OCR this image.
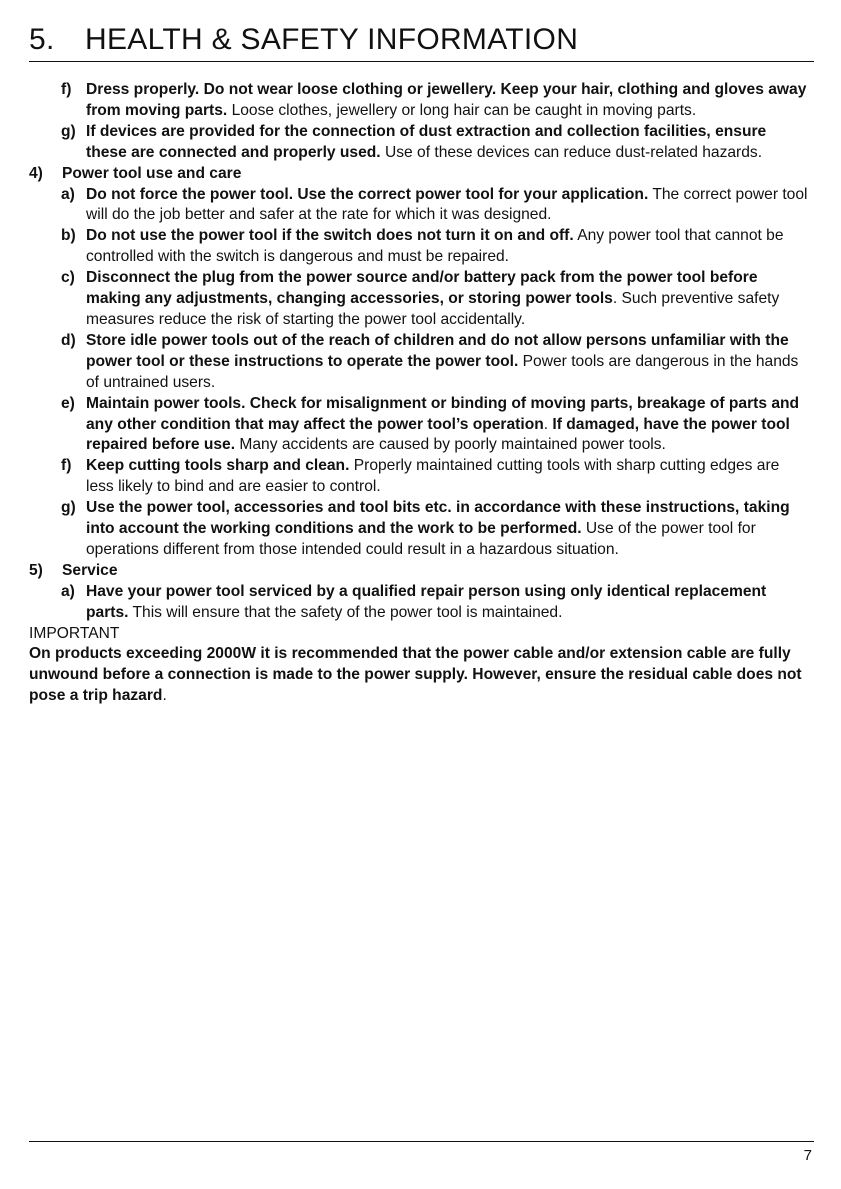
5. HEALTH & SAFETY INFORMATION
f) Dress properly. Do not wear loose clothing or jewellery. Keep your hair, clothing and gloves away from moving parts. Loose clothes, jewellery or long hair can be caught in moving parts.
g) If devices are provided for the connection of dust extraction and collection facilities, ensure these are connected and properly used. Use of these devices can reduce dust-related hazards.
4) Power tool use and care
a) Do not force the power tool. Use the correct power tool for your application. The correct power tool will do the job better and safer at the rate for which it was designed.
b) Do not use the power tool if the switch does not turn it on and off. Any power tool that cannot be controlled with the switch is dangerous and must be repaired.
c) Disconnect the plug from the power source and/or battery pack from the power tool before making any adjustments, changing accessories, or storing power tools. Such preventive safety measures reduce the risk of starting the power tool accidentally.
d) Store idle power tools out of the reach of children and do not allow persons unfamiliar with the power tool or these instructions to operate the power tool. Power tools are dangerous in the hands of untrained users.
e) Maintain power tools. Check for misalignment or binding of moving parts, breakage of parts and any other condition that may affect the power tool’s operation. If damaged, have the power tool repaired before use. Many accidents are caused by poorly maintained power tools.
f) Keep cutting tools sharp and clean. Properly maintained cutting tools with sharp cutting edges are less likely to bind and are easier to control.
g) Use the power tool, accessories and tool bits etc. in accordance with these instructions, taking into account the working conditions and the work to be performed. Use of the power tool for operations different from those intended could result in a hazardous situation.
5) Service
a) Have your power tool serviced by a qualified repair person using only identical replacement parts. This will ensure that the safety of the power tool is maintained.
IMPORTANT
On products exceeding 2000W it is recommended that the power cable and/or extension cable are fully unwound before a connection is made to the power supply. However, ensure the residual cable does not pose a trip hazard.
7
